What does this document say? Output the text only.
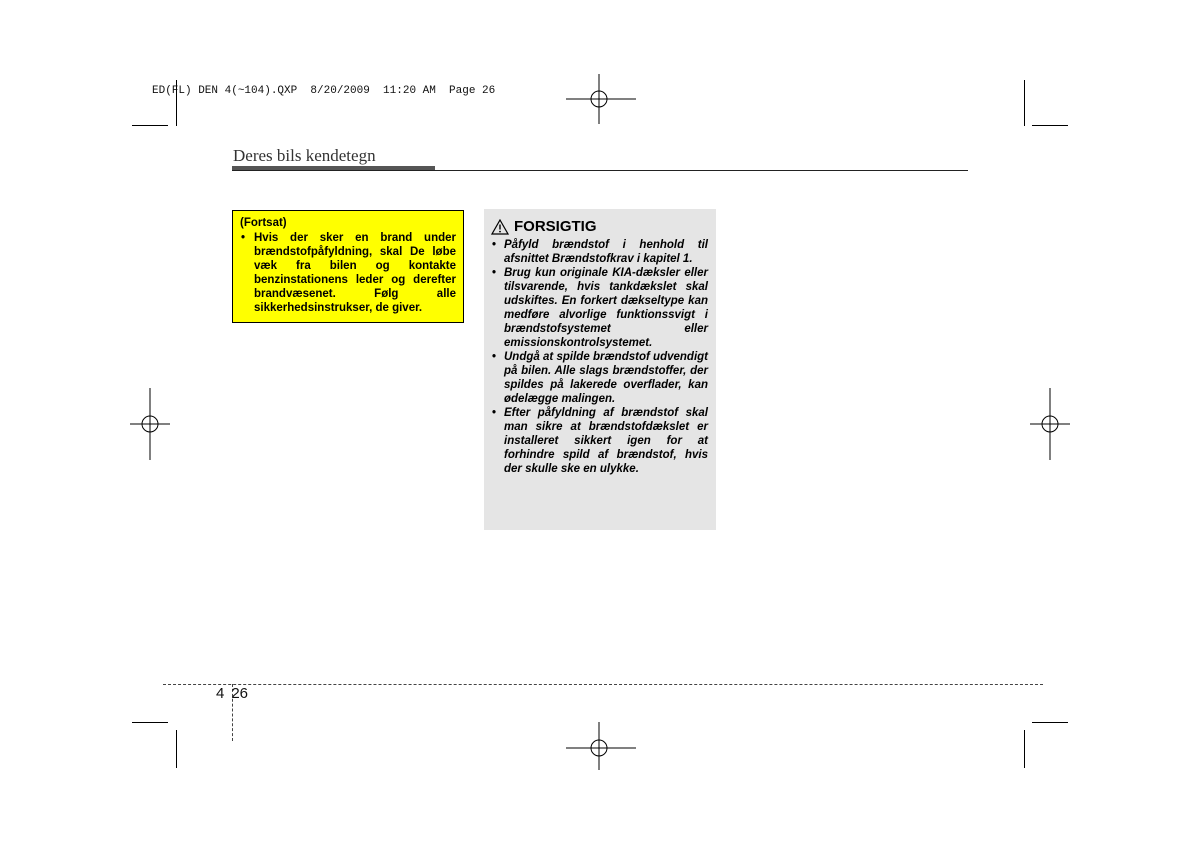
ED(FL) DEN 4(~104).QXP  8/20/2009  11:20 AM  Page 26
Deres bils kendetegn
(Fortsat)
• Hvis der sker en brand under brændstofpåfyldning, skal De løbe væk fra bilen og kontakte benzinstationens leder og derefter brandvæsenet. Følg alle sikkerhedsinstrukser, de giver.
FORSIGTIG
• Påfyld brændstof i henhold til afsnittet Brændstofkrav i kapitel 1.
• Brug kun originale KIA-dæksler eller tilsvarende, hvis tankdækslet skal udskiftes. En forkert dækseltype kan medføre alvorlige funktionssvigt i brændstofsystemet eller emissionskontrolsystemet.
• Undgå at spilde brændstof udvendigt på bilen. Alle slags brændstoffer, der spildes på lakerede overflader, kan ødelægge malingen.
• Efter påfyldning af brændstof skal man sikre at brændstofdækslet er installeret sikkert igen for at forhindre spild af brændstof, hvis der skulle ske en ulykke.
4 26
